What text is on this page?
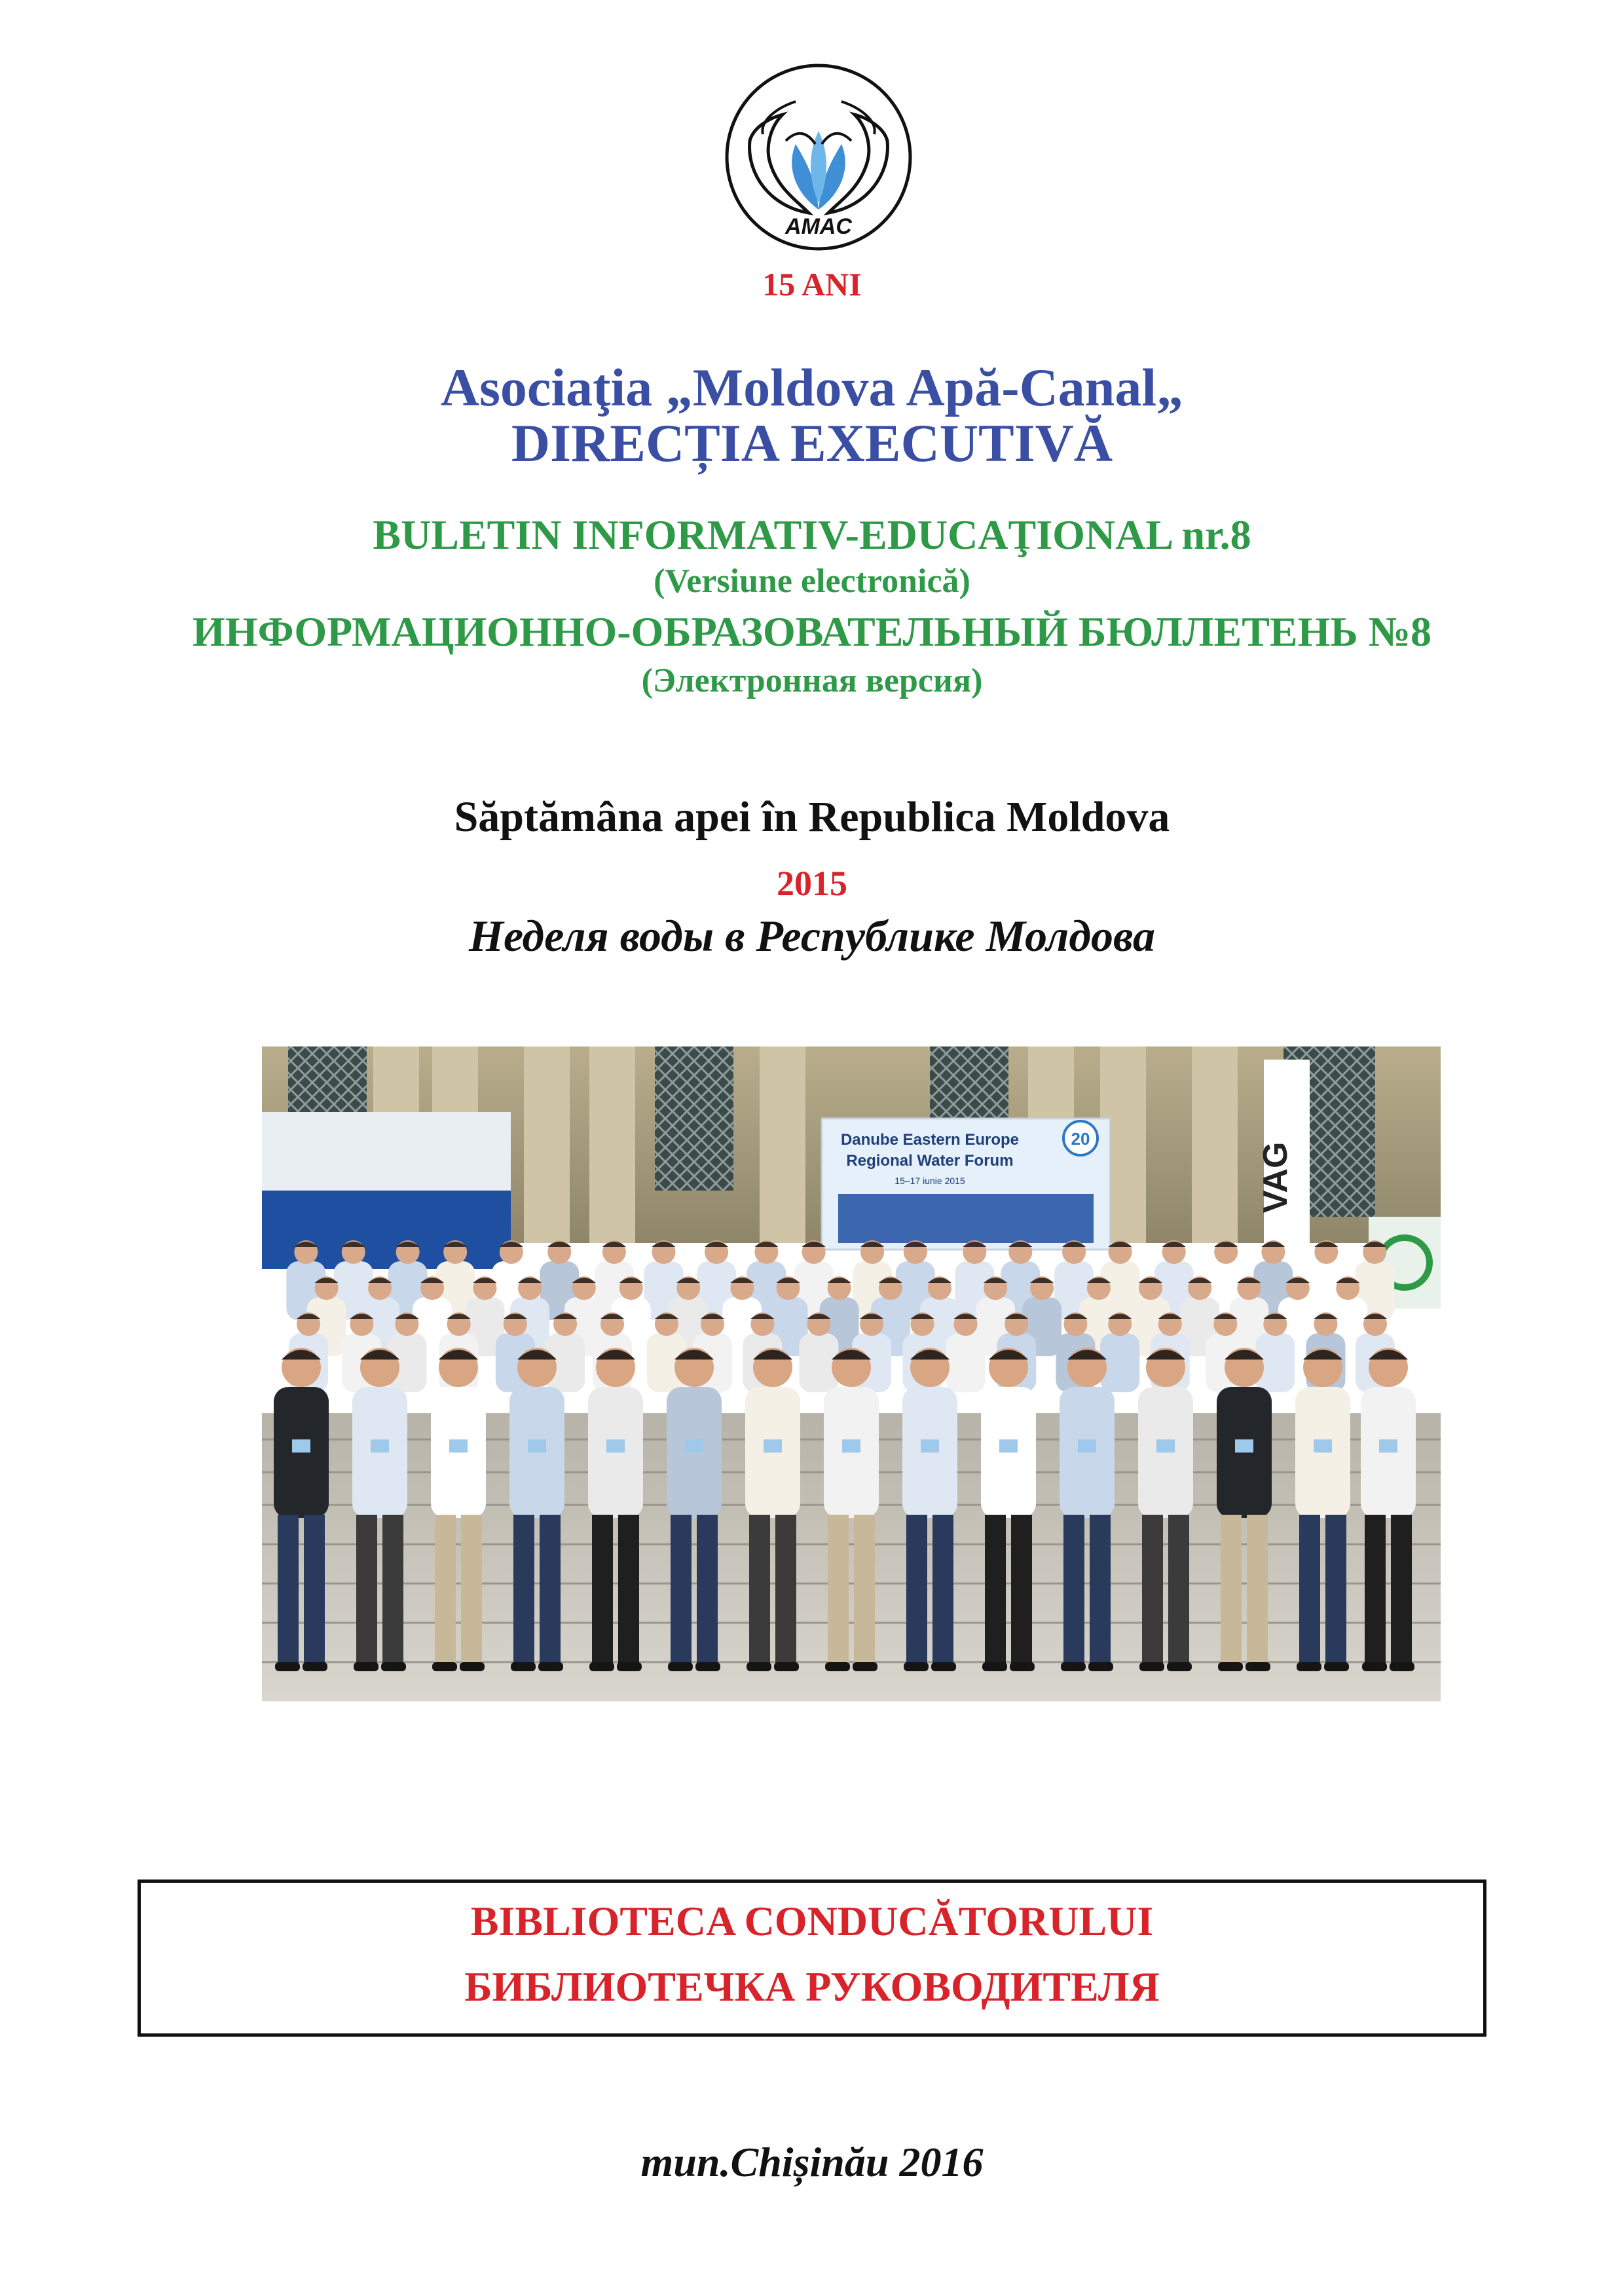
AMAC

15 ANI

Asociaţia „Moldova Apă-Canal„

DIRECȚIA EXECUTIVĂ

BULETIN INFORMATIV-EDUCAŢIONAL nr.8

(Versiune electronică)

ИНФОРМАЦИОННО-ОБРАЗОВАТЕЛЬНЫЙ БЮЛЛЕТЕНЬ №8

(Электронная версия)

Săptămâna apei în Republica Moldova

2015

Неделя воды в Республике Молдова

Danube Eastern Europe
Regional Water Forum
15–17 iunie 2015
20
VAG
BIBLIOTECA CONDUCĂTORULUI
БИБЛИОТЕЧКА РУКОВОДИТЕЛЯ

mun.Chișinău 2016
